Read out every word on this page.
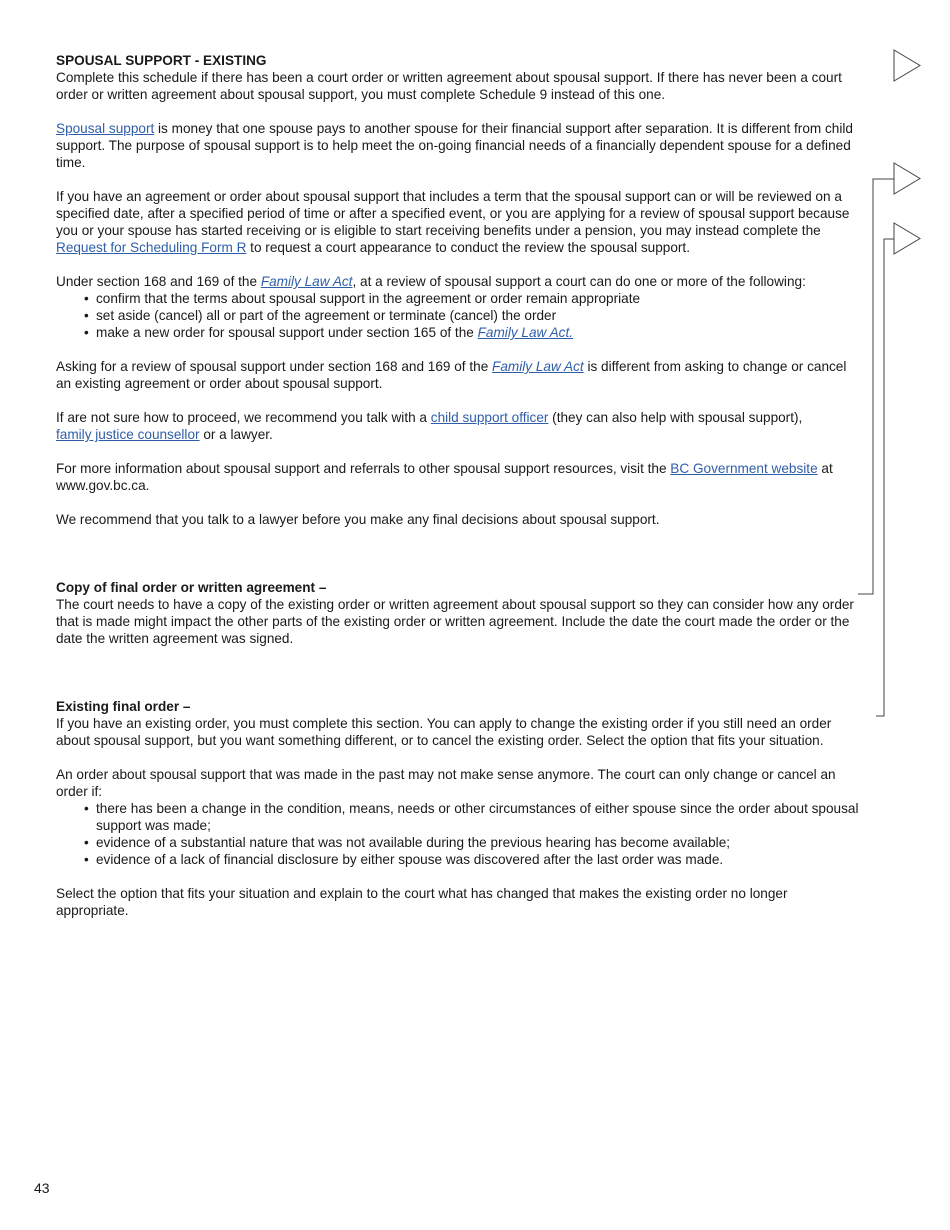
SPOUSAL SUPPORT - EXISTING

Complete this schedule if there has been a court order or written agreement about spousal support. If there has never been a court order or written agreement about spousal support, you must complete Schedule 9 instead of this one.

Spousal support is money that one spouse pays to another spouse for their financial support after separation. It is different from child support. The purpose of spousal support is to help meet the on-going financial needs of a financially dependent spouse for a defined time.

If you have an agreement or order about spousal support that includes a term that the spousal support can or will be reviewed on a specified date, after a specified period of time or after a specified event, or you are applying for a review of spousal support because you or your spouse has started receiving or is eligible to start receiving benefits under a pension, you may instead complete the Request for Scheduling Form R to request a court appearance to conduct the review the spousal support.

Under section 168 and 169 of the Family Law Act, at a review of spousal support a court can do one or more of the following:

• confirm that the terms about spousal support in the agreement or order remain appropriate
• set aside (cancel) all or part of the agreement or terminate (cancel) the order
• make a new order for spousal support under section 165 of the Family Law Act.

Asking for a review of spousal support under section 168 and 169 of the Family Law Act is different from asking to change or cancel an existing agreement or order about spousal support.

If are not sure how to proceed, we recommend you talk with a child support officer (they can also help with spousal support),
family justice counsellor or a lawyer.

For more information about spousal support and referrals to other spousal support resources, visit the BC Government website at www.gov.bc.ca.

We recommend that you talk to a lawyer before you make any final decisions about spousal support.

Copy of final order or written agreement –

The court needs to have a copy of the existing order or written agreement about spousal support so they can consider how any order that is made might impact the other parts of the existing order or written agreement. Include the date the court made the order or the date the written agreement was signed.

Existing final order –

If you have an existing order, you must complete this section. You can apply to change the existing order if you still need an order about spousal support, but you want something different, or to cancel the existing order. Select the option that fits your situation.

An order about spousal support that was made in the past may not make sense anymore. The court can only change or cancel an order if:

• there has been a change in the condition, means, needs or other circumstances of either spouse since the order about spousal support was made;
• evidence of a substantial nature that was not available during the previous hearing has become available;
• evidence of a lack of financial disclosure by either spouse was discovered after the last order was made.

Select the option that fits your situation and explain to the court what has changed that makes the existing order no longer appropriate.

43
